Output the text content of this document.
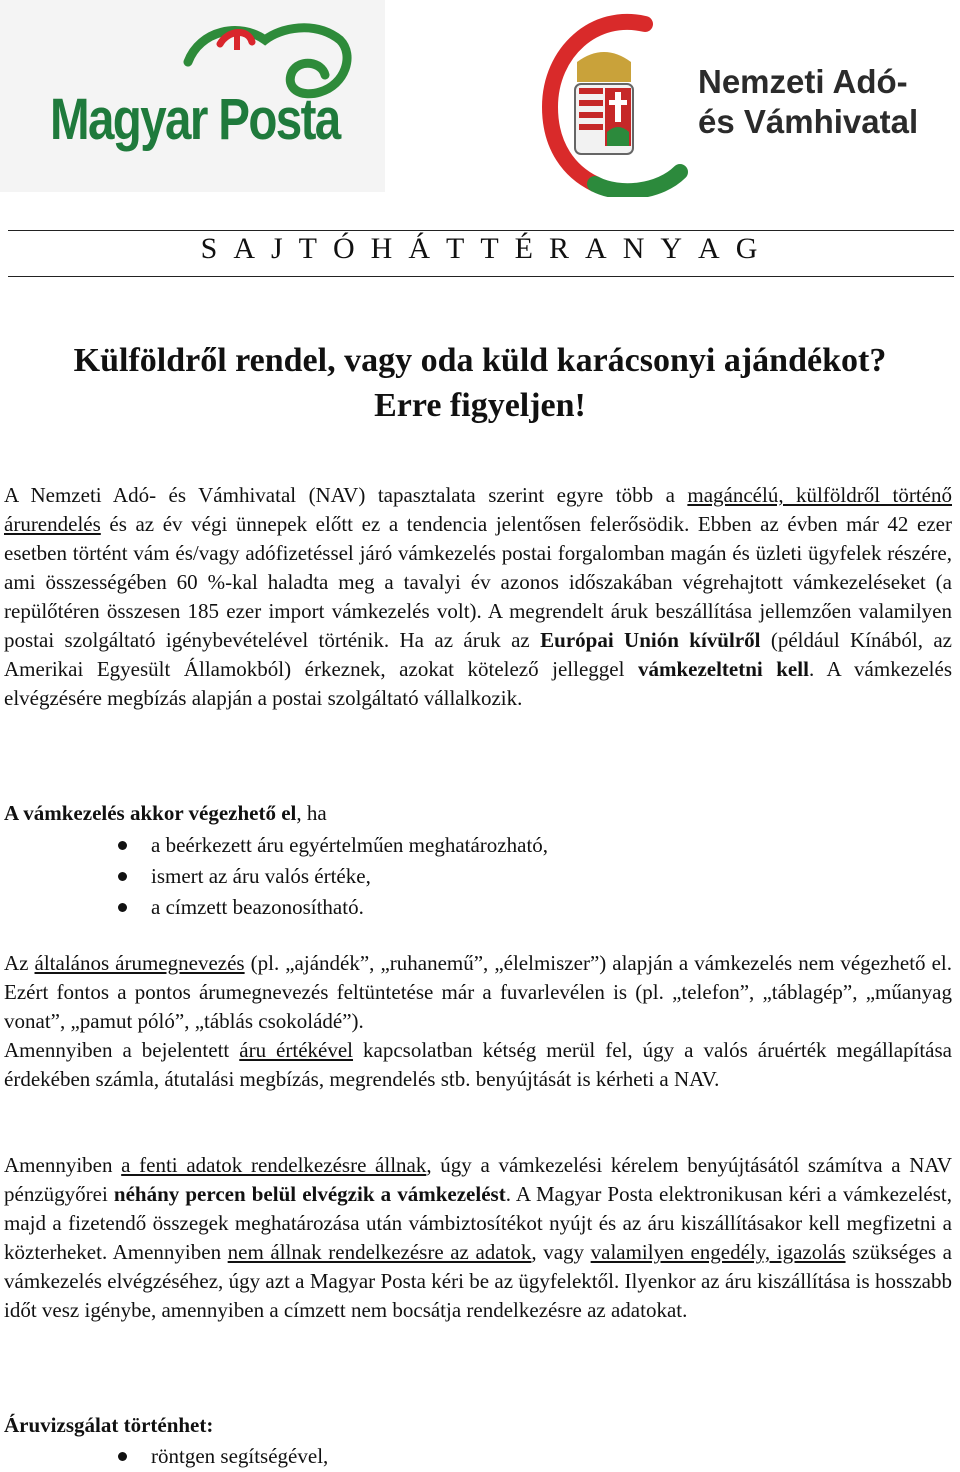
Magyar Posta
Nemzeti Adó-
és Vámhivatal
S A J T Ó H Á T T É R A N Y A G
Külföldről rendel, vagy oda küld karácsonyi ajándékot?
Erre figyeljen!

A Nemzeti Adó- és Vámhivatal (NAV) tapasztalata szerint egyre több a magáncélú, külföldről történő árurendelés és az év végi ünnepek előtt ez a tendencia jelentősen felerősödik. Ebben az évben már 42 ezer esetben történt vám és/vagy adófizetéssel járó vámkezelés postai forgalomban magán és üzleti ügyfelek részére, ami összességében 60 %-kal haladta meg a tavalyi év azonos időszakában végrehajtott vámkezeléseket (a repülőtéren összesen 185 ezer import vámkezelés volt). A megrendelt áruk beszállítása jellemzően valamilyen postai szolgáltató igénybevételével történik. Ha az áruk az Európai Unión kívülről (például Kínából, az Amerikai Egyesült Államokból) érkeznek, azokat kötelező jelleggel vámkezeltetni kell. A vámkezelés elvégzésére megbízás alapján a postai szolgáltató vállalkozik.

A vámkezelés akkor végezhető el, ha

a beérkezett áru egyértelműen meghatározható,
ismert az áru valós értéke,
a címzett beazonosítható.

Az általános árumegnevezés (pl. „ajándék”, „ruhanemű”, „élelmiszer”) alapján a vámkezelés nem végezhető el. Ezért fontos a pontos árumegnevezés feltüntetése már a fuvarlevélen is (pl. „telefon”, „táblagép”, „műanyag vonat”, „pamut póló”, „táblás csokoládé”).

Amennyiben a bejelentett áru értékével kapcsolatban kétség merül fel, úgy a valós áruérték megállapítása érdekében számla, átutalási megbízás, megrendelés stb. benyújtását is kérheti a NAV.

Amennyiben a fenti adatok rendelkezésre állnak, úgy a vámkezelési kérelem benyújtásától számítva a NAV pénzügyőrei néhány percen belül elvégzik a vámkezelést. A Magyar Posta elektronikusan kéri a vámkezelést, majd a fizetendő összegek meghatározása után vámbiztosítékot nyújt és az áru kiszállításakor kell megfizetni a közterheket. Amennyiben nem állnak rendelkezésre az adatok, vagy valamilyen engedély, igazolás szükséges a vámkezelés elvégzéséhez, úgy azt a Magyar Posta kéri be az ügyfelektől. Ilyenkor az áru kiszállítása is hosszabb időt vesz igénybe, amennyiben a címzett nem bocsátja rendelkezésre az adatokat.

Áruvizsgálat történhet:

röntgen segítségével,
